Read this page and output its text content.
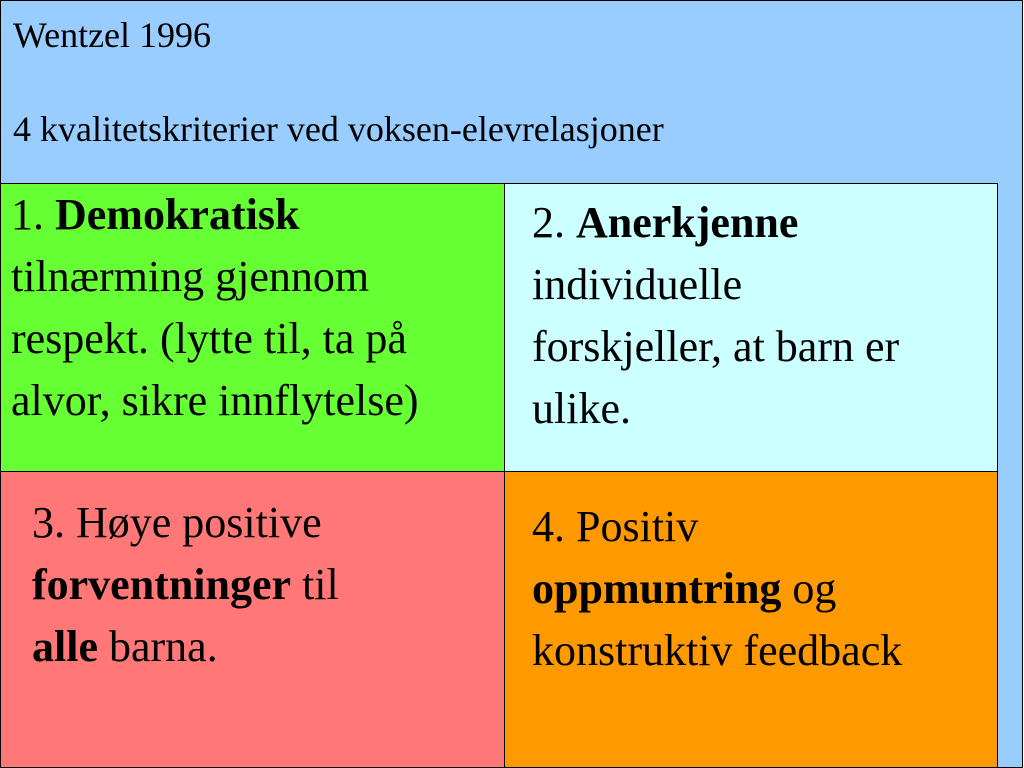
Wentzel 1996
4 kvalitetskriterier ved voksen-elevrelasjoner
1. Demokratisk
tilnærming gjennom
respekt. (lytte til, ta på
alvor, sikre innflytelse)
2. Anerkjenne
individuelle
forskjeller, at barn er
ulike.
3. Høye positive
forventninger til
alle barna.
4. Positiv
oppmuntring og
konstruktiv feedback
